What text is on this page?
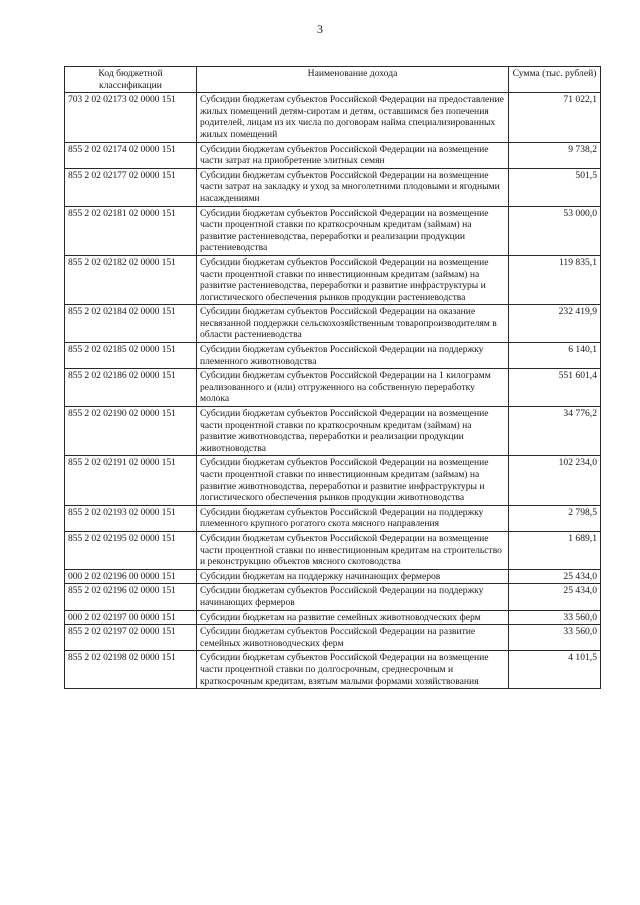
3
Код бюджетной классификации	Наименование дохода	Сумма (тыс. рублей)
703 2 02 02173 02 0000 151	Субсидии бюджетам субъектов Российской Федерации на предоставление жилых помещений детям-сиротам и детям, оставшимся без попечения родителей, лицам из их числа по договорам найма специализированных жилых помещений	71 022,1
855 2 02 02174 02 0000 151	Субсидии бюджетам субъектов Российской Федерации на возмещение части затрат на приобретение элитных семян	9 738,2
855 2 02 02177 02 0000 151	Субсидии бюджетам субъектов Российской Федерации на возмещение части затрат на закладку и уход за многолетними плодовыми и ягодными насаждениями	501,5
855 2 02 02181 02 0000 151	Субсидии бюджетам субъектов Российской Федерации на возмещение части процентной ставки по краткосрочным кредитам (займам) на развитие растениеводства, переработки и реализации продукции растениеводства	53 000,0
855 2 02 02182 02 0000 151	Субсидии бюджетам субъектов Российской Федерации на возмещение части процентной ставки по инвестиционным кредитам (займам) на развитие растениеводства, переработки и развитие инфраструктуры и логистического обеспечения рынков продукции растениеводства	119 835,1
855 2 02 02184 02 0000 151	Субсидии бюджетам субъектов Российской Федерации на оказание несвязанной поддержки сельскохозяйственным товаропроизводителям в области растениеводства	232 419,9
855 2 02 02185 02 0000 151	Субсидии бюджетам субъектов Российской Федерации на поддержку племенного животноводства	6 140,1
855 2 02 02186 02 0000 151	Субсидии бюджетам субъектов Российской Федерации на 1 килограмм реализованного и (или) отгруженного на собственную переработку молока	551 601,4
855 2 02 02190 02 0000 151	Субсидии бюджетам субъектов Российской Федерации на возмещение части процентной ставки по краткосрочным кредитам (займам) на развитие животноводства, переработки и реализации продукции животноводства	34 776,2
855 2 02 02191 02 0000 151	Субсидии бюджетам субъектов Российской Федерации на возмещение части процентной ставки по инвестиционным кредитам (займам) на развитие животноводства, переработки и развитие инфраструктуры и логистического обеспечения рынков продукции животноводства	102 234,0
855 2 02 02193 02 0000 151	Субсидии бюджетам субъектов Российской Федерации на поддержку племенного крупного рогатого скота мясного направления	2 798,5
855 2 02 02195 02 0000 151	Субсидии бюджетам субъектов Российской Федерации на возмещение части процентной ставки по инвестиционным кредитам на строительство и реконструкцию объектов мясного скотоводства	1 689,1
000 2 02 02196 00 0000 151	Субсидии бюджетам на поддержку начинающих фермеров	25 434,0
855 2 02 02196 02 0000 151	Субсидии бюджетам субъектов Российской Федерации на поддержку начинающих фермеров	25 434,0
000 2 02 02197 00 0000 151	Субсидии бюджетам на развитие семейных животноводческих ферм	33 560,0
855 2 02 02197 02 0000 151	Субсидии бюджетам субъектов Российской Федерации на развитие семейных животноводческих ферм	33 560,0
855 2 02 02198 02 0000 151	Субсидии бюджетам субъектов Российской Федерации на возмещение части процентной ставки по долгосрочным, среднесрочным и краткосрочным кредитам, взятым малыми формами хозяйствования	4 101,5
